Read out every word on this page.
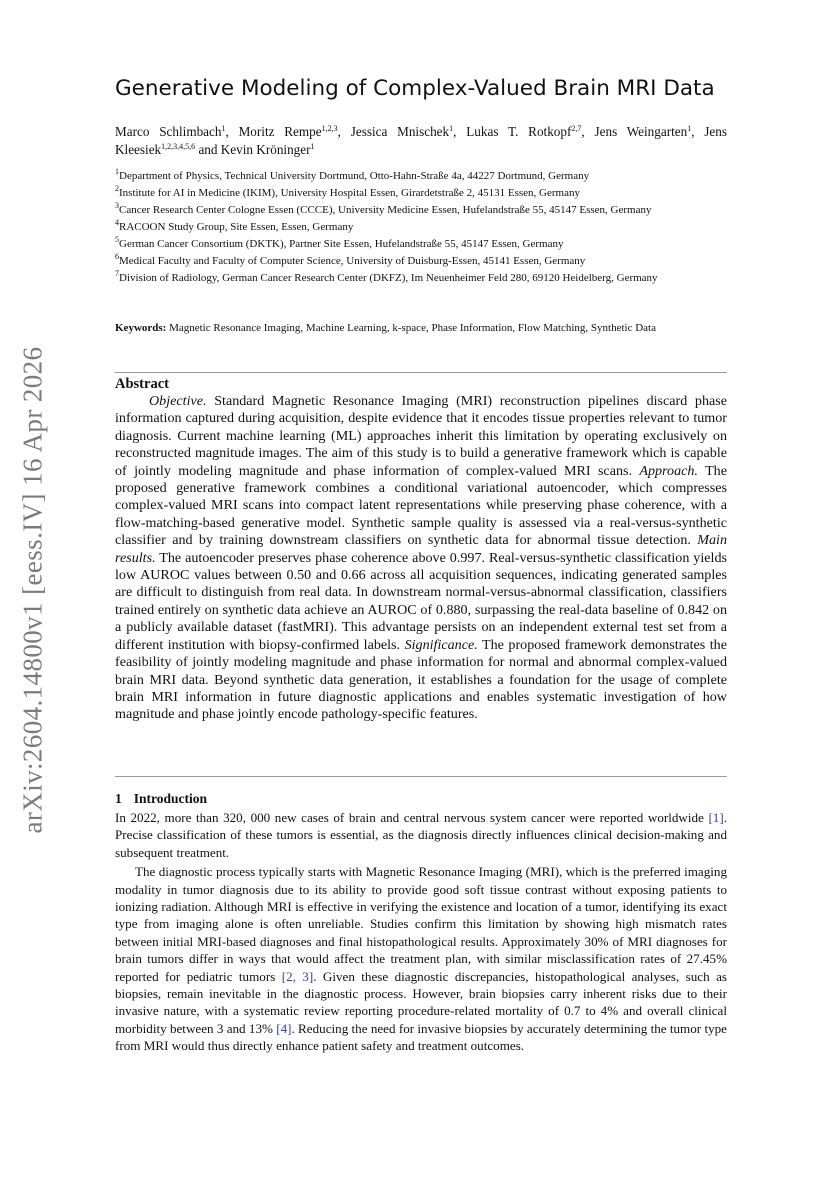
arXiv:2604.14800v1 [eess.IV] 16 Apr 2026
Generative Modeling of Complex-Valued Brain MRI Data
Marco Schlimbach$^1$, Moritz Rempe$^{1,2,3}$, Jessica Mnischek$^1$, Lukas T. Rotkopf$^{2,7}$, Jens Weingarten$^1$, Jens Kleesiek$^{1,2,3,4,5,6}$ and Kevin Kröninger$^1$

$^1$Department of Physics, Technical University Dortmund, Otto-Hahn-Straße 4a, 44227 Dortmund, Germany

$^2$Institute for AI in Medicine (IKIM), University Hospital Essen, Girardetstraße 2, 45131 Essen, Germany

$^3$Cancer Research Center Cologne Essen (CCCE), University Medicine Essen, Hufelandstraße 55, 45147 Essen, Germany

$^4$RACOON Study Group, Site Essen, Essen, Germany

$^5$German Cancer Consortium (DKTK), Partner Site Essen, Hufelandstraße 55, 45147 Essen, Germany

$^6$Medical Faculty and Faculty of Computer Science, University of Duisburg-Essen, 45141 Essen, Germany

$^7$Division of Radiology, German Cancer Research Center (DKFZ), Im Neuenheimer Feld 280, 69120 Heidelberg, Germany

Keywords: Magnetic Resonance Imaging, Machine Learning, k-space, Phase Information, Flow Matching, Synthetic Data
Abstract
Objective. Standard Magnetic Resonance Imaging (MRI) reconstruction pipelines discard phase information captured during acquisition, despite evidence that it encodes tissue properties relevant to tumor diagnosis. Current machine learning (ML) approaches inherit this limitation by operating exclusively on reconstructed magnitude images. The aim of this study is to build a generative framework which is capable of jointly modeling magnitude and phase information of complex-valued MRI scans. Approach. The proposed generative framework combines a conditional variational autoencoder, which compresses complex-valued MRI scans into compact latent representations while preserving phase coherence, with a flow-matching-based generative model. Synthetic sample quality is assessed via a real-versus-synthetic classifier and by training downstream classifiers on synthetic data for abnormal tissue detection. Main results. The autoencoder preserves phase coherence above 0.997. Real-versus-synthetic classification yields low AUROC values between 0.50 and 0.66 across all acquisition sequences, indicating generated samples are difficult to distinguish from real data. In downstream normal-versus-abnormal classification, classifiers trained entirely on synthetic data achieve an AUROC of 0.880, surpassing the real-data baseline of 0.842 on a publicly available dataset (fastMRI). This advantage persists on an independent external test set from a different institution with biopsy-confirmed labels. Significance. The proposed framework demonstrates the feasibility of jointly modeling magnitude and phase information for normal and abnormal complex-valued brain MRI data. Beyond synthetic data generation, it establishes a foundation for the usage of complete brain MRI information in future diagnostic applications and enables systematic investigation of how magnitude and phase jointly encode pathology-specific features.
1 Introduction

In 2022, more than 320, 000 new cases of brain and central nervous system cancer were reported worldwide [1]. Precise classification of these tumors is essential, as the diagnosis directly influences clinical decision-making and subsequent treatment.

The diagnostic process typically starts with Magnetic Resonance Imaging (MRI), which is the preferred imaging modality in tumor diagnosis due to its ability to provide good soft tissue contrast without exposing patients to ionizing radiation. Although MRI is effective in verifying the existence and location of a tumor, identifying its exact type from imaging alone is often unreliable. Studies confirm this limitation by showing high mismatch rates between initial MRI-based diagnoses and final histopathological results. Approximately 30% of MRI diagnoses for brain tumors differ in ways that would affect the treatment plan, with similar misclassification rates of 27.45% reported for pediatric tumors [2, 3]. Given these diagnostic discrepancies, histopathological analyses, such as biopsies, remain inevitable in the diagnostic process. However, brain biopsies carry inherent risks due to their invasive nature, with a systematic review reporting procedure-related mortality of 0.7 to 4% and overall clinical morbidity between 3 and 13% [4]. Reducing the need for invasive biopsies by accurately determining the tumor type from MRI would thus directly enhance patient safety and treatment outcomes.
